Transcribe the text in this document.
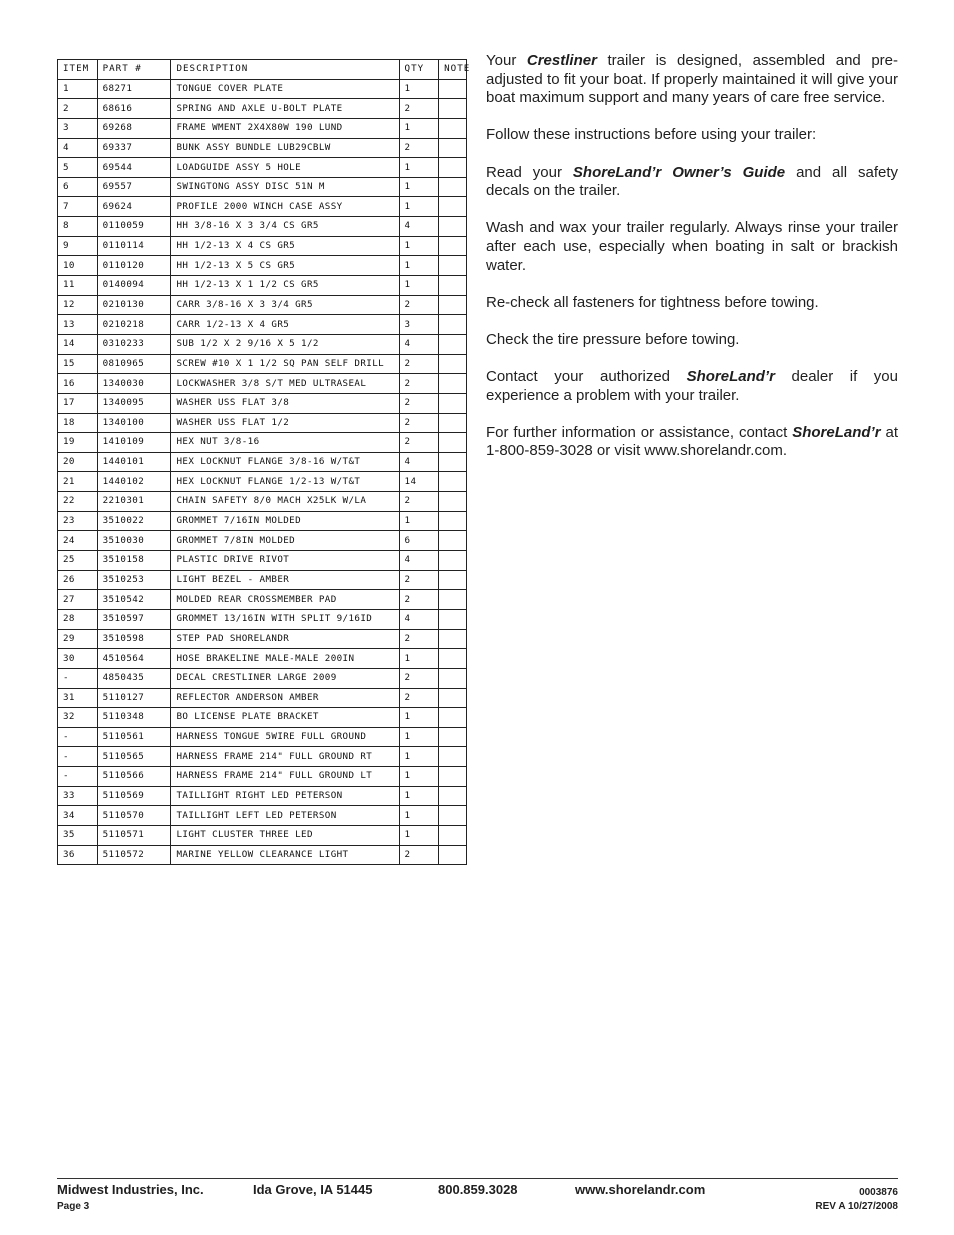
ITEM	PART #	DESCRIPTION	QTY	NOTE
1	68271	TONGUE COVER PLATE	1	
2	68616	SPRING AND AXLE U-BOLT PLATE	2	
3	69268	FRAME WMENT 2X4X80W 190 LUND	1	
4	69337	BUNK ASSY BUNDLE LUB29CBLW	2	
5	69544	LOADGUIDE ASSY 5 HOLE	1	
6	69557	SWINGTONG ASSY DISC 51N M	1	
7	69624	PROFILE 2000 WINCH CASE ASSY	1	
8	0110059	HH 3/8-16 X 3 3/4 CS GR5	4	
9	0110114	HH 1/2-13 X 4 CS GR5	1	
10	0110120	HH 1/2-13 X 5 CS GR5	1	
11	0140094	HH 1/2-13 X 1 1/2 CS GR5	1	
12	0210130	CARR 3/8-16 X 3 3/4 GR5	2	
13	0210218	CARR 1/2-13 X 4 GR5	3	
14	0310233	SUB 1/2 X 2 9/16 X 5 1/2	4	
15	0810965	SCREW #10 X 1 1/2 SQ PAN SELF DRILL	2	
16	1340030	LOCKWASHER 3/8 S/T MED ULTRASEAL	2	
17	1340095	WASHER USS FLAT 3/8	2	
18	1340100	WASHER USS FLAT 1/2	2	
19	1410109	HEX NUT 3/8-16	2	
20	1440101	HEX LOCKNUT FLANGE 3/8-16 W/T&T	4	
21	1440102	HEX LOCKNUT FLANGE 1/2-13 W/T&T	14	
22	2210301	CHAIN SAFETY 8/0 MACH X25LK W/LA	2	
23	3510022	GROMMET 7/16IN MOLDED	1	
24	3510030	GROMMET 7/8IN MOLDED	6	
25	3510158	PLASTIC DRIVE RIVOT	4	
26	3510253	LIGHT BEZEL - AMBER	2	
27	3510542	MOLDED REAR CROSSMEMBER PAD	2	
28	3510597	GROMMET 13/16IN WITH SPLIT 9/16ID	4	
29	3510598	STEP PAD SHORELANDR	2	
30	4510564	HOSE BRAKELINE MALE-MALE 200IN	1	
-	4850435	DECAL CRESTLINER LARGE 2009	2	
31	5110127	REFLECTOR ANDERSON AMBER	2	
32	5110348	BO LICENSE PLATE BRACKET	1	
-	5110561	HARNESS TONGUE 5WIRE FULL GROUND	1	
-	5110565	HARNESS FRAME 214" FULL GROUND RT	1	
-	5110566	HARNESS FRAME 214" FULL GROUND LT	1	
33	5110569	TAILLIGHT RIGHT LED PETERSON	1	
34	5110570	TAILLIGHT LEFT LED PETERSON	1	
35	5110571	LIGHT CLUSTER THREE LED	1	
36	5110572	MARINE YELLOW CLEARANCE LIGHT	2	

Your Crestliner trailer is designed, assembled and pre-adjusted to fit your boat. If properly maintained it will give your boat maximum support and many years of care free service.

Follow these instructions before using your trailer:

Read your ShoreLand’r Owner’s Guide and all safety decals on the trailer.

Wash and wax your trailer regularly. Always rinse your trailer after each use, especially when boating in salt or brackish water.

Re-check all fasteners for tightness before towing.

Check the tire pressure before towing.

Contact your authorized ShoreLand’r dealer if you experience a problem with your trailer.

For further information or assistance, contact ShoreLand’r at 1-800-859-3028 or visit www.shorelandr.com.

Midwest Industries, Inc.	Ida Grove, IA 51445	800.859.3028	www.shorelandr.com	0003876
Page 3	REV A 10/27/2008
